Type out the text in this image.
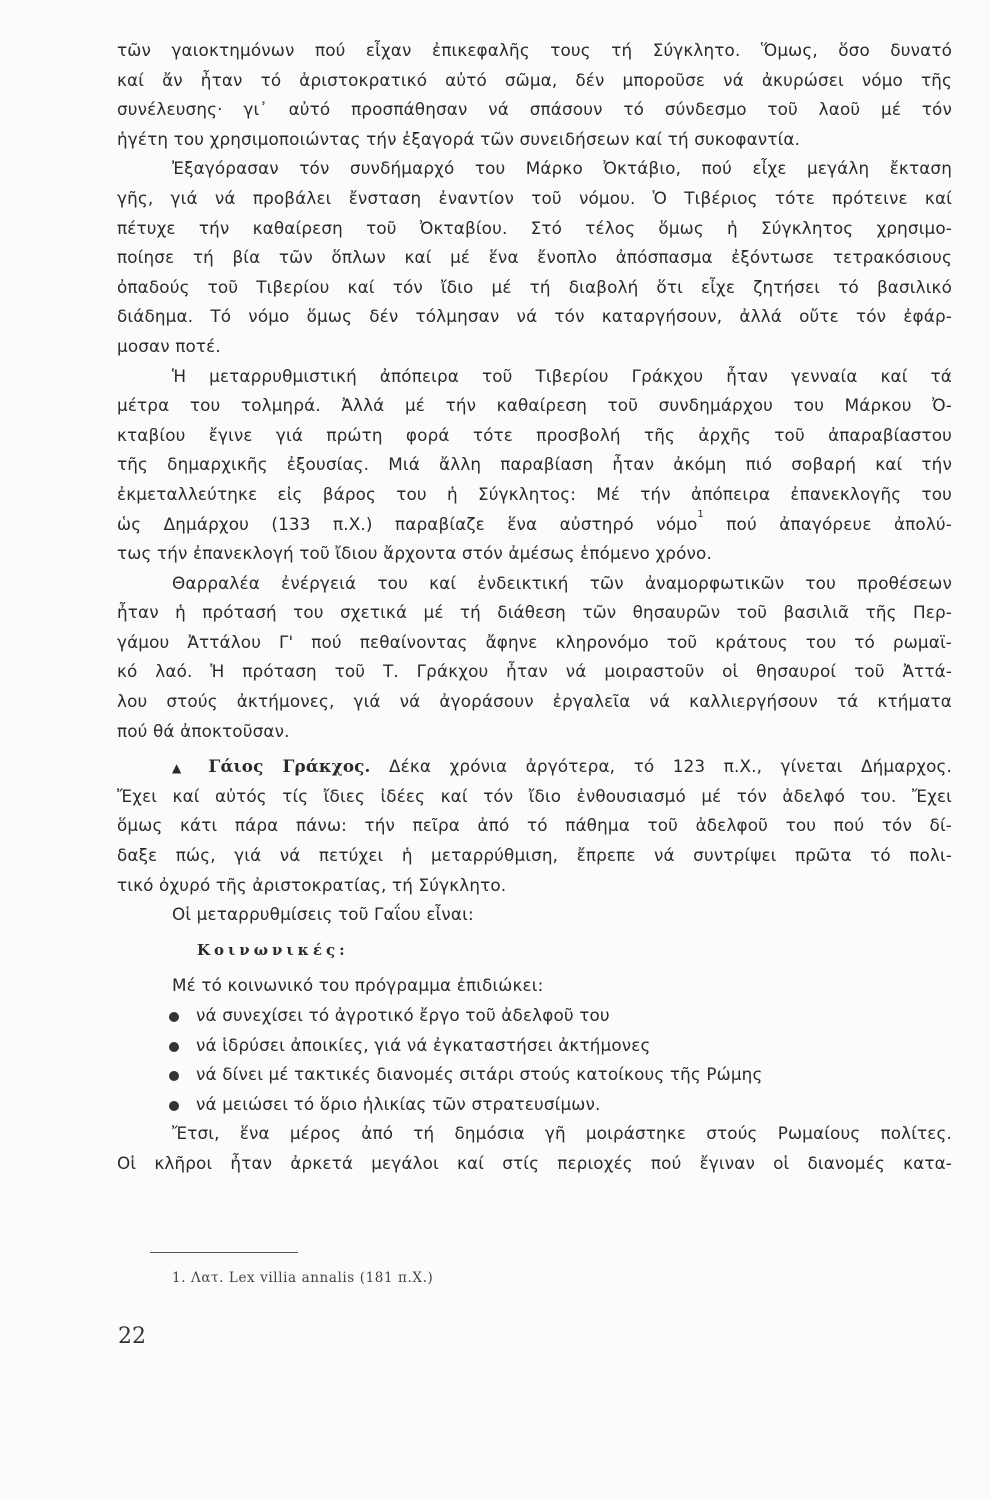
τῶν γαιοκτημόνων πού εἶχαν ἐπικεφαλῆς τους τή Σύγκλητο. Ὅμως, ὅσο δυνατό
καί ἄν ἦταν τό ἀριστοκρατικό αὐτό σῶμα, δέν μποροῦσε νά ἀκυρώσει νόμο τῆς
συνέλευσης· γι᾿ αὐτό προσπάθησαν νά σπάσουν τό σύνδεσμο τοῦ λαοῦ μέ τόν
ἡγέτη του χρησιμοποιώντας τήν ἐξαγορά τῶν συνειδήσεων καί τή συκοφαντία.
Ἐξαγόρασαν τόν συνδήμαρχό του Μάρκο Ὀκτάβιο, πού εἶχε μεγάλη ἔκταση
γῆς, γιά νά προβάλει ἔνσταση ἐναντίον τοῦ νόμου. Ὁ Τιβέριος τότε πρότεινε καί
πέτυχε τήν καθαίρεση τοῦ Ὀκταβίου. Στό τέλος ὅμως ἡ Σύγκλητος χρησιμο-
ποίησε τή βία τῶν ὅπλων καί μέ ἕνα ἔνοπλο ἀπόσπασμα ἐξόντωσε τετρακόσιους
ὀπαδούς τοῦ Τιβερίου καί τόν ἴδιο μέ τή διαβολή ὅτι εἶχε ζητήσει τό βασιλικό
διάδημα. Τό νόμο ὅμως δέν τόλμησαν νά τόν καταργήσουν, ἀλλά οὔτε τόν ἐφάρ-
μοσαν ποτέ.
Ἡ μεταρρυθμιστική ἀπόπειρα τοῦ Τιβερίου Γράκχου ἦταν γενναία καί τά
μέτρα του τολμηρά. Ἀλλά μέ τήν καθαίρεση τοῦ συνδημάρχου του Μάρκου Ὀ-
κταβίου ἔγινε γιά πρώτη φορά τότε προσβολή τῆς ἀρχῆς τοῦ ἀπαραβίαστου
τῆς δημαρχικῆς ἐξουσίας. Μιά ἄλλη παραβίαση ἦταν ἀκόμη πιό σοβαρή καί τήν
ἐκμεταλλεύτηκε εἰς βάρος του ἡ Σύγκλητος: Μέ τήν ἀπόπειρα ἐπανεκλογῆς του
ὡς Δημάρχου (133 π.Χ.) παραβίαζε ἕνα αὐστηρό νόμο$^1$ πού ἀπαγόρευε ἀπολύ-
τως τήν ἐπανεκλογή τοῦ ἴδιου ἄρχοντα στόν ἀμέσως ἑπόμενο χρόνο.
Θαρραλέα ἐνέργειά του καί ἐνδεικτική τῶν ἀναμορφωτικῶν του προθέσεων
ἦταν ἡ πρότασή του σχετικά μέ τή διάθεση τῶν θησαυρῶν τοῦ βασιλιᾶ τῆς Περ-
γάμου Ἀττάλου Γ' πού πεθαίνοντας ἄφηνε κληρονόμο τοῦ κράτους του τό ρωμαϊ-
κό λαό. Ἡ πρόταση τοῦ Τ. Γράκχου ἦταν νά μοιραστοῦν οἱ θησαυροί τοῦ Ἀττά-
λου στούς ἀκτήμονες, γιά νά ἀγοράσουν ἐργαλεῖα νά καλλιεργήσουν τά κτήματα
πού θά ἀποκτοῦσαν.
▲ Γάιος Γράκχος. Δέκα χρόνια ἀργότερα, τό 123 π.Χ., γίνεται Δήμαρχος.
Ἔχει καί αὐτός τίς ἴδιες ἰδέες καί τόν ἴδιο ἐνθουσιασμό μέ τόν ἀδελφό του. Ἔχει
ὅμως κάτι πάρα πάνω: τήν πεῖρα ἀπό τό πάθημα τοῦ ἀδελφοῦ του πού τόν δί-
δαξε πώς, γιά νά πετύχει ἡ μεταρρύθμιση, ἔπρεπε νά συντρίψει πρῶτα τό πολι-
τικό ὀχυρό τῆς ἀριστοκρατίας, τή Σύγκλητο.
Οἱ μεταρρυθμίσεις τοῦ Γαΐου εἶναι:
Κοινωνικές:
Μέ τό κοινωνικό του πρόγραμμα ἐπιδιώκει:
νά συνεχίσει τό ἀγροτικό ἔργο τοῦ ἀδελφοῦ του
νά ἱδρύσει ἀποικίες, γιά νά ἐγκαταστήσει ἀκτήμονες
νά δίνει μέ τακτικές διανομές σιτάρι στούς κατοίκους τῆς Ρώμης
νά μειώσει τό ὅριο ἡλικίας τῶν στρατευσίμων.
Ἔτσι, ἕνα μέρος ἀπό τή δημόσια γῆ μοιράστηκε στούς Ρωμαίους πολίτες.
Οἱ κλῆροι ἦταν ἀρκετά μεγάλοι καί στίς περιοχές πού ἔγιναν οἱ διανομές κατα-
1. Λατ. Lex villia annalis (181 π.Χ.)
22
